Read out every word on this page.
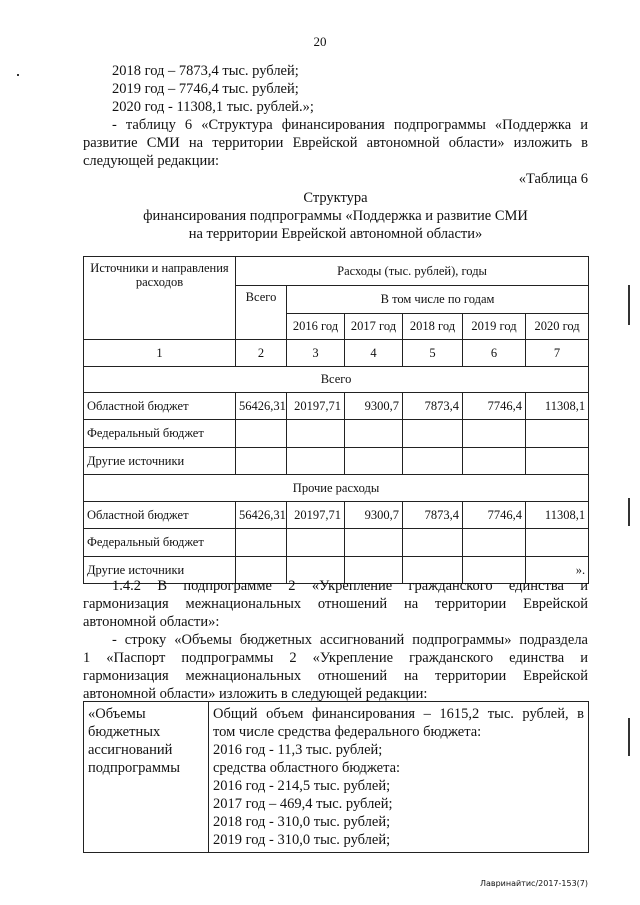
20
2018 год – 7873,4 тыс. рублей;
2019 год – 7746,4 тыс. рублей;
2020 год - 11308,1 тыс. рублей.»;
- таблицу 6 «Структура финансирования подпрограммы «Поддержка и
развитие СМИ на территории Еврейской автономной области» изложить в
следующей редакции:
«Таблица 6
Структура
финансирования подпрограммы «Поддержка и развитие СМИ
на территории Еврейской автономной области»
Источники и направления расходов	Расходы (тыс. рублей), годы					
	Всего	В том числе по годам				
		2016 год	2017 год	2018 год	2019 год	2020 год
1	2	3	4	5	6	7
Всего						
Областной бюджет	56426,31	20197,71	9300,7	7873,4	7746,4	11308,1
Федеральный бюджет						
Другие источники						
Прочие расходы						
Областной бюджет	56426,31	20197,71	9300,7	7873,4	7746,4	11308,1
Федеральный бюджет						
Другие источники						».
1.4.2 В подпрограмме 2 «Укрепление гражданского единства и
гармонизация межнациональных отношений на территории Еврейской
автономной области»:
- строку «Объемы бюджетных ассигнований подпрограммы» подраздела
1 «Паспорт подпрограммы 2 «Укрепление гражданского единства и
гармонизация межнациональных отношений на территории Еврейской
автономной области» изложить в следующей редакции:
«Объемы
бюджетных
ассигнований
подпрограммы

Общий объем финансирования – 1615,2 тыс. рублей, в
том числе средства федерального бюджета:
2016 год - 11,3 тыс. рублей;
средства областного бюджета:
2016 год - 214,5 тыс. рублей;
2017 год – 469,4 тыс. рублей;
2018 год - 310,0 тыс. рублей;
2019 год - 310,0 тыс. рублей;
Лавринайтис/2017-153(7)
